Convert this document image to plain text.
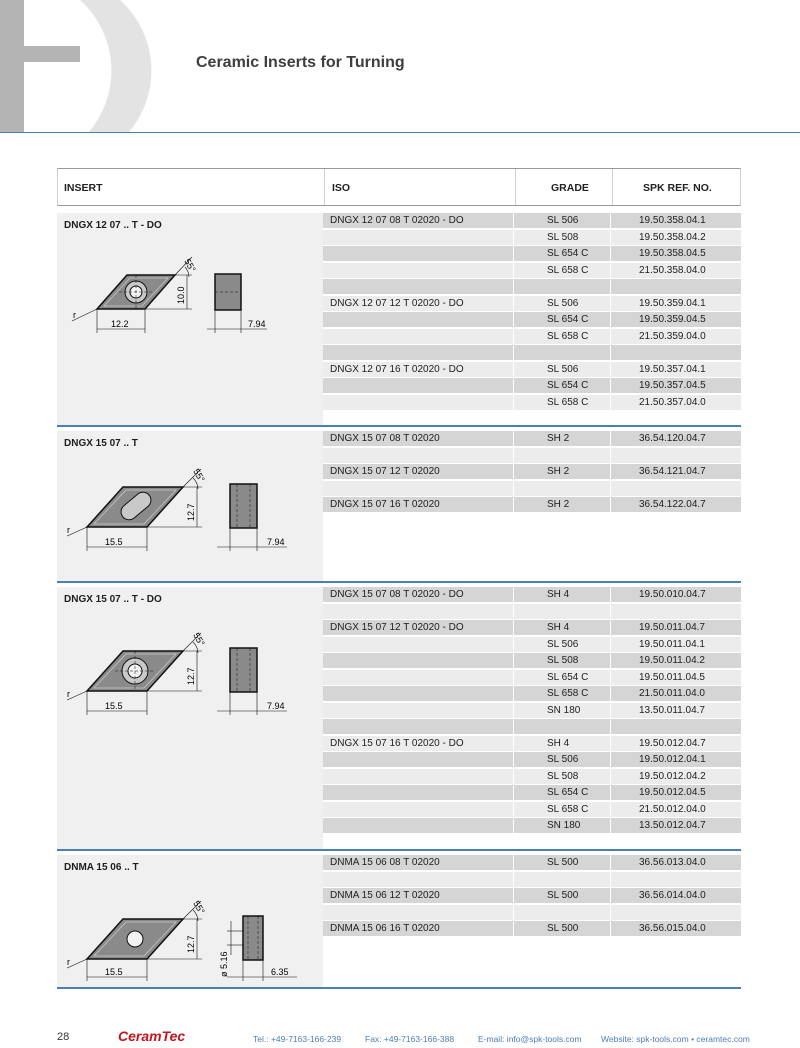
Ceramic Inserts for Turning
INSERT	ISO	GRADE	SPK REF. NO.
DNGX 12 07 .. T - DO
55°
10.0
12.2	7.94
r
DNGX 12 07 08 T 02020 - DO	SL 506	19.50.358.04.1
SL 508	19.50.358.04.2
SL 654 C	19.50.358.04.5
SL 658 C	21.50.358.04.0
DNGX 12 07 12 T 02020 - DO	SL 506	19.50.359.04.1
SL 654 C	19.50.359.04.5
SL 658 C	21.50.359.04.0
DNGX 12 07 16 T 02020 - DO	SL 506	19.50.357.04.1
SL 654 C	19.50.357.04.5
SL 658 C	21.50.357.04.0
DNGX 15 07 .. T
55°
12.7
15.5	7.94
r
DNGX 15 07 08 T 02020	SH 2	36.54.120.04.7
DNGX 15 07 12 T 02020	SH 2	36.54.121.04.7
DNGX 15 07 16 T 02020	SH 2	36.54.122.04.7
DNGX 15 07 .. T - DO
55°
12.7
15.5	7.94
r
DNGX 15 07 08 T 02020 - DO	SH 4	19.50.010.04.7
DNGX 15 07 12 T 02020 - DO	SH 4	19.50.011.04.7
SL 506	19.50.011.04.1
SL 508	19.50.011.04.2
SL 654 C	19.50.011.04.5
SL 658 C	21.50.011.04.0
SN 180	13.50.011.04.7
DNGX 15 07 16 T 02020 - DO	SH 4	19.50.012.04.7
SL 506	19.50.012.04.1
SL 508	19.50.012.04.2
SL 654 C	19.50.012.04.5
SL 658 C	21.50.012.04.0
SN 180	13.50.012.04.7
DNMA 15 06 .. T
55°
12.7
ø 5.16
15.5	6.35
r
DNMA 15 06 08 T 02020	SL 500	36.56.013.04.0
DNMA 15 06 12 T 02020	SL 500	36.56.014.04.0
DNMA 15 06 16 T 02020	SL 500	36.56.015.04.0
28	CeramTec	Tel.: +49-7163-166-239	Fax: +49-7163-166-388	E-mail: info@spk-tools.com Website: spk-tools.com • ceramtec.com
